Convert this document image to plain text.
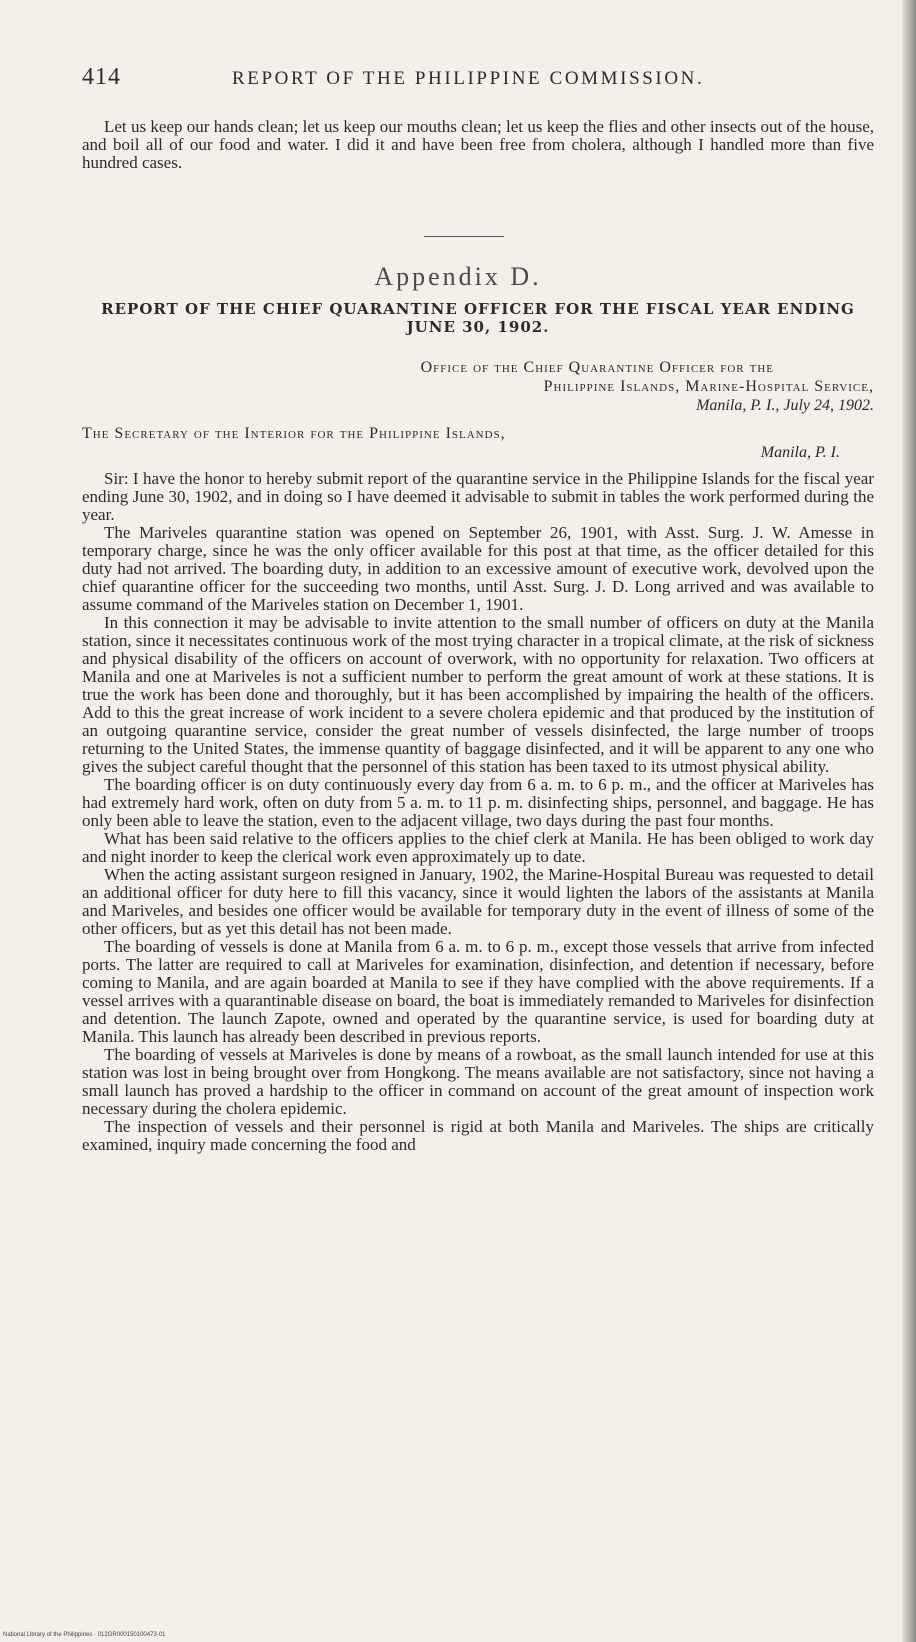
414	REPORT OF THE PHILIPPINE COMMISSION.

Let us keep our hands clean; let us keep our mouths clean; let us keep the flies and other insects out of the house, and boil all of our food and water. I did it and have been free from cholera, although I handled more than five hundred cases.

Appendix D.
REPORT OF THE CHIEF QUARANTINE OFFICER FOR THE FISCAL YEAR ENDING JUNE 30, 1902.
Office of the Chief Quarantine Officer for the
Philippine Islands, Marine-Hospital Service,
Manila, P. I., July 24, 1902.
The Secretary of the Interior for the Philippine Islands,
Manila, P. I.

Sir: I have the honor to hereby submit report of the quarantine service in the Philippine Islands for the fiscal year ending June 30, 1902, and in doing so I have deemed it advisable to submit in tables the work performed during the year.

The Mariveles quarantine station was opened on September 26, 1901, with Asst. Surg. J. W. Amesse in temporary charge, since he was the only officer available for this post at that time, as the officer detailed for this duty had not arrived. The boarding duty, in addition to an excessive amount of executive work, devolved upon the chief quarantine officer for the succeeding two months, until Asst. Surg. J. D. Long arrived and was available to assume command of the Mariveles station on December 1, 1901.

In this connection it may be advisable to invite attention to the small number of officers on duty at the Manila station, since it necessitates continuous work of the most trying character in a tropical climate, at the risk of sickness and physical disability of the officers on account of overwork, with no opportunity for relaxation. Two officers at Manila and one at Mariveles is not a sufficient number to perform the great amount of work at these stations. It is true the work has been done and thoroughly, but it has been accomplished by impairing the health of the officers. Add to this the great increase of work incident to a severe cholera epidemic and that produced by the institution of an outgoing quarantine service, consider the great number of vessels disinfected, the large number of troops returning to the United States, the immense quantity of baggage disinfected, and it will be apparent to any one who gives the subject careful thought that the personnel of this station has been taxed to its utmost physical ability.

The boarding officer is on duty continuously every day from 6 a. m. to 6 p. m., and the officer at Mariveles has had extremely hard work, often on duty from 5 a. m. to 11 p. m. disinfecting ships, personnel, and baggage. He has only been able to leave the station, even to the adjacent village, two days during the past four months.

What has been said relative to the officers applies to the chief clerk at Manila. He has been obliged to work day and night inorder to keep the clerical work even approximately up to date.

When the acting assistant surgeon resigned in January, 1902, the Marine-Hospital Bureau was requested to detail an additional officer for duty here to fill this vacancy, since it would lighten the labors of the assistants at Manila and Mariveles, and besides one officer would be available for temporary duty in the event of illness of some of the other officers, but as yet this detail has not been made.

The boarding of vessels is done at Manila from 6 a. m. to 6 p. m., except those vessels that arrive from infected ports. The latter are required to call at Mariveles for examination, disinfection, and detention if necessary, before coming to Manila, and are again boarded at Manila to see if they have complied with the above requirements. If a vessel arrives with a quarantinable disease on board, the boat is immediately remanded to Mariveles for disinfection and detention. The launch Zapote, owned and operated by the quarantine service, is used for boarding duty at Manila. This launch has already been described in previous reports.

The boarding of vessels at Mariveles is done by means of a rowboat, as the small launch intended for use at this station was lost in being brought over from Hongkong. The means available are not satisfactory, since not having a small launch has proved a hardship to the officer in command on account of the great amount of inspection work necessary during the cholera epidemic.

The inspection of vessels and their personnel is rigid at both Manila and Mariveles. The ships are critically examined, inquiry made concerning the food and

National Library of the Philippines · 012GR000150100473-01
